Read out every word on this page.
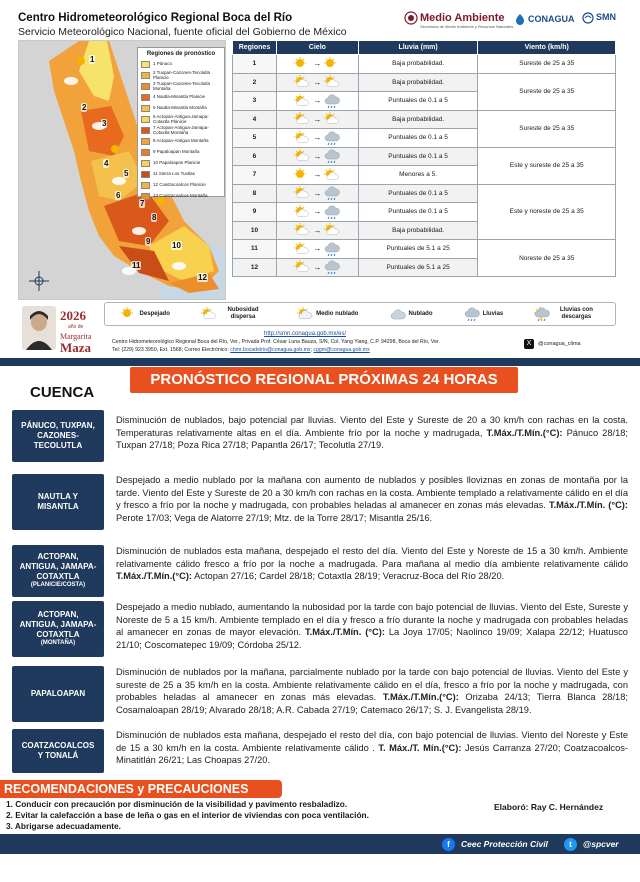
Centro Hidrometeorológico Regional Boca del Río
Servicio Meteorológico Nacional, fuente oficial del Gobierno de México
Medio Ambiente
Secretaría de Medio Ambiente y Recursos Naturales
CONAGUA SMN
Regiones de pronóstico
1 Pánuco
2 Tuxpan-Cazones-Tecolutla Planicie
3 Tuxpan-Cazones-Tecolutla Montaña
4 Nautla-Misantla Planicie
5 Nautla-Misantla Montaña
6 Actopan-Antigua-Jamapa-Cotaxtla Planicie
7 Actopan-Antigua-Jamapa-Cotaxtla Montaña
8 Actopan-Antigua Montaña
9 Papaloapan Montaña
10 Papaloapan Planicie
11 Sierra Los Tuxtlas
12 Coatzacoalcos Planicie
13 Coatzacoalcos Montaña
1
2
3
4
5
6
7
8
9	10
11
12
Regiones	Cielo	Lluvia (mm)	Viento (km/h)
1	→	Baja probabilidad.	Sureste de 25 a 35
2	→	Baja probabilidad.	Sureste de 25 a 35
3	→	Puntuales de 0.1 a 5	
4	→	Baja probabilidad.	Sureste de 25 a 35
5	→	Puntuales de 0.1 a 5	
6	→	Puntuales de 0.1 a 5	Este y sureste de 25 a 35
7	→	Menores a 5.	
8	→	Puntuales de 0.1 a 5	Este y noreste de 25 a 35
9	→	Puntuales de 0.1 a 5	
10	→	Baja probabilidad.	
11	→	Puntuales de 5.1 a 25	Noreste de 25 a 35
12	→	Puntuales de 5.1 a 25	
Despejado
Nubosidad dispersa
Medio nublado	Nublado	Lluvias
Lluvias con descargas
2026
año de
Margarita
Maza
http://smn.conagua.gob.mx/es/
Centro Hidrometeorológico Regional Boca del Río, Ver., Privada Prof. César Luna Bauza, S/N, Col. Yang Yiang, C.P. 94298, Boca del Río, Ver.
Tel: (229) 923 3950, Ext. 1568; Correo Electrónico: chmr.bocadelrio@conagua.gob.mx; cggm@conagua.gob.mx
X	@conagua_clima
CUENCA
PRONÓSTICO REGIONAL PRÓXIMAS 24 HORAS
PÁNUCO, TUXPAN,
CAZONES-
TECOLUTLA
Disminución de nublados, bajo potencial par lluvias. Viento del Este y Sureste de 20 a 30 km/h con rachas en la costa. Temperaturas relativamente altas en el día. Ambiente frío por la noche y madrugada, T.Máx./T.Mín.(°C): Pánuco 28/18; Tuxpan 27/18; Poza Rica 27/18; Papantla 26/17; Tecolutla 27/19.
NAUTLA Y
MISANTLA
Despejado a medio nublado por la mañana con aumento de nublados y posibles lloviznas en zonas de montaña por la tarde. Viento del Este y Sureste de 20 a 30 km/h con rachas en la costa. Ambiente templado a relativamente cálido en el día y fresco a frío por la noche y madrugada, con probables heladas al amanecer en zonas más elevadas. T.Máx./T.Mín. (°C): Perote 17/03; Vega de Alatorre 27/19; Mtz. de la Torre 28/17; Misantla 25/16.
ACTOPAN,
ANTIGUA, JAMAPA-
COTAXTLA
(PLANICIE/COSTA)
Disminución de nublados esta mañana, despejado el resto del día. Viento del Este y Noreste de 15 a 30 km/h. Ambiente relativamente cálido fresco a frío por la noche a madrugada. Para mañana al medio día ambiente relativamente cálido T.Máx./T.Mín.(°C): Actopan 27/16; Cardel 28/18; Cotaxtla 28/19; Veracruz-Boca del Río 28/20.
ACTOPAN,
ANTIGUA, JAMAPA-
COTAXTLA
(MONTAÑA)
Despejado a medio nublado, aumentando la nubosidad por la tarde con bajo potencial de lluvias. Viento del Este, Sureste y Noreste de 5 a 15 km/h. Ambiente templado en el día y fresco a frío durante la noche y madrugada con probables heladas al amanecer en zonas de mayor elevación. T.Máx./T.Mín. (°C): La Joya 17/05; Naolinco 19/09; Xalapa 22/12; Huatusco 21/10; Coscomatepec 19/09; Córdoba 25/12.
PAPALOAPAN
Disminución de nublados por la mañana, parcialmente nublado por la tarde con bajo potencial de lluvias. Viento del Este y sureste de 25 a 35 km/h en la costa. Ambiente relativamente cálido en el día, fresco a frío por la noche y madrugada, con probables heladas al amanecer en zonas más elevadas. T.Máx./T.Mín.(°C): Orizaba 24/13; Tierra Blanca 28/18; Cosamaloapan 28/19; Alvarado 28/18; A.R. Cabada 27/19; Catemaco 26/17; S. J. Evangelista 28/19.
COATZACOALCOS
Y TONALÁ
Disminución de nublados esta mañana, despejado el resto del día, con bajo potencial de lluvias. Viento del Noreste y Este de 15 a 30 km/h en la costa. Ambiente relativamente cálido . T. Máx./T. Mín.(°C): Jesús Carranza 27/20; Coatzacoalcos-Minatitlán 26/21; Las Choapas 27/20.
RECOMENDACIONES y PRECAUCIONES
1. Conducir con precaución por disminución de la visibilidad y pavimento resbaladizo.
2. Evitar la calefacción a base de leña o gas en el interior de viviendas con poca ventilación.
3. Abrigarse adecuadamente.
Elaboró: Ray C. Hernández
f	Ceec Protección Civil	t	@spcver
